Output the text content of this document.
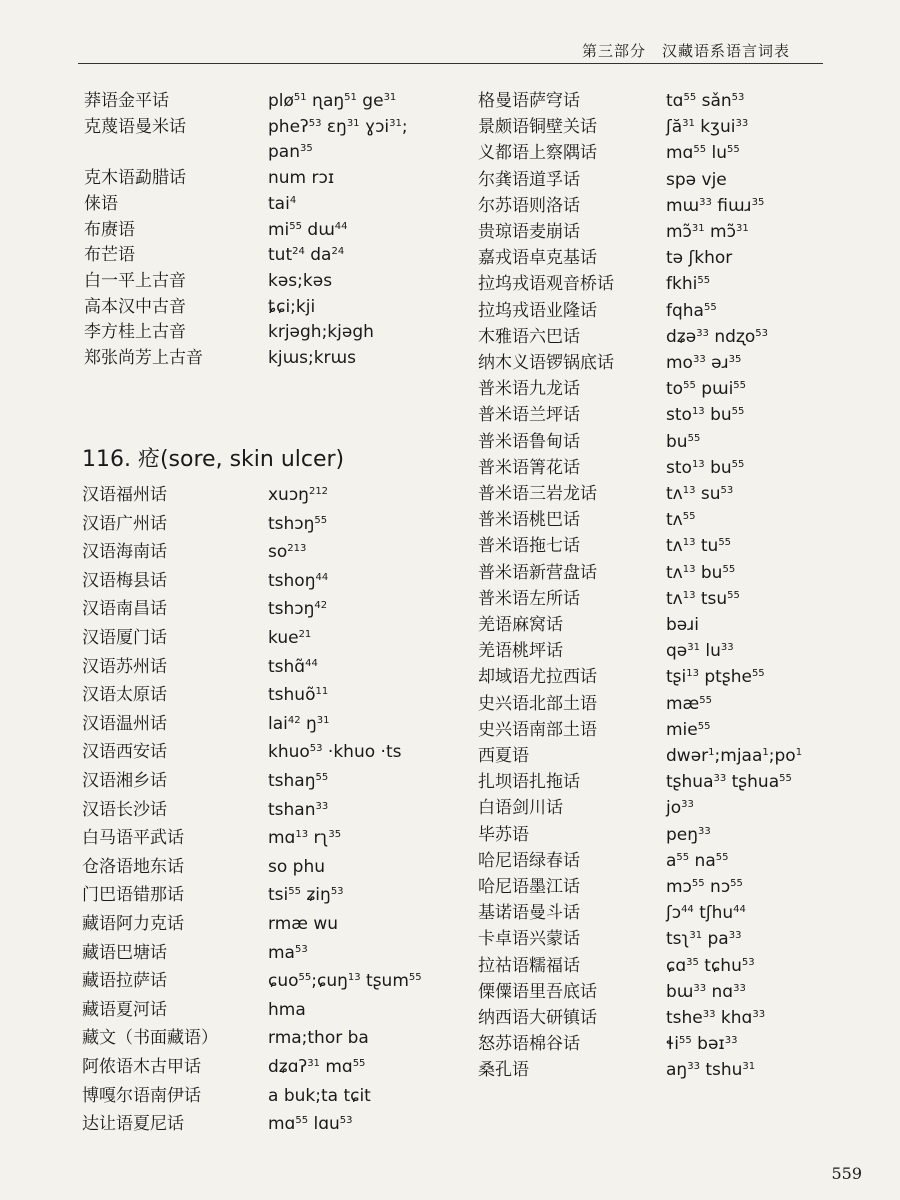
第三部分　汉藏语系语言词表
莽语金平话	plø$^{51}$ ɳaŋ$^{51}$ $ge^{31}$
克蔑语曼米话	pheʔ$^{53}$ ɛŋ$^{31}$ ɣɔi$^{31}$;
pan$^{35}$
克木语勐腊话	num rɔɪ
俫语	tai$^4$
布赓语	$mi^{55}$ dɯ$^{44}$
布芒语	tut$^{24}$ $da^{24}$
白一平上古音	kəs;kəs
高本汉中古音	ȶɕi;kji
李方桂上古音	krjəgh;kjəgh
郑张尚芳上古音	kjɯs;krɯs
116. 疮(sore, skin ulcer)
汉语福州话	xuɔŋ$^{212}$
汉语广州话	tshɔŋ$^{55}$
汉语海南话	$so^{213}$
汉语梅县话	tshoŋ$^{44}$
汉语南昌话	tshɔŋ$^{42}$
汉语厦门话	kue$^{21}$
汉语苏州话	tshɑ̃$^{44}$
汉语太原话	tshuõ$^{11}$
汉语温州话	lai$^{42}$ $ŋ^{31}$
汉语西安话	khuo$^{53}$ ·khuo ·ts
汉语湘乡话	tshaŋ$^{55}$
汉语长沙话	tshan$^{33}$
白马语平武话	mɑ$^{13}$ rʅ$^{35}$
仓洛语地东话	so phu
门巴语错那话	tsi$^{55}$ ʑiŋ$^{53}$
藏语阿力克话	rmæ wu
藏语巴塘话	$ma^{53}$
藏语拉萨话	ɕuo$^{55}$;ɕuŋ$^{13}$ tʂum$^{55}$
藏语夏河话	hma
藏文（书面藏语）	rma;thor ba
阿侬语木古甲话	dʑɑʔ$^{31}$ mɑ$^{55}$
博嘎尔语南伊话	a buk;ta tɕit
达让语夏尼话	mɑ$^{55}$ lɑu$^{53}$
格曼语萨穹话	tɑ$^{55}$ sǎn$^{53}$
景颇语铜壁关话	ʃă$^{31}$ kʒui$^{33}$
义都语上察隅话	mɑ$^{55}$ $lu^{55}$
尔龚语道孚话	spə vje
尔苏语则洛话	mɯ$^{33}$ fiɯɹ$^{35}$
贵琼语麦崩话	mɔ̃$^{31}$ mɔ̃$^{31}$
嘉戎语卓克基话	tə ʃkhor
拉坞戎语观音桥话	fkhi$^{55}$
拉坞戎语业隆话	fqha$^{55}$
木雅语六巴话	dʑə$^{33}$ ndʐo$^{53}$
纳木义语锣锅底话	$mo^{33}$ əɹ$^{35}$
普米语九龙话	$to^{55}$ pɯi$^{55}$
普米语兰坪话	sto$^{13}$ $bu^{55}$
普米语鲁甸话	$bu^{55}$
普米语箐花话	sto$^{13}$ $bu^{55}$
普米语三岩龙话	tʌ$^{13}$ $su^{53}$
普米语桃巴话	tʌ$^{55}$
普米语拖七话	tʌ$^{13}$ $tu^{55}$
普米语新营盘话	tʌ$^{13}$ $bu^{55}$
普米语左所话	tʌ$^{13}$ tsu$^{55}$
羌语麻窝话	bəɹi
羌语桃坪话	qə$^{31}$ $lu^{33}$
却域语尤拉西话	tʂi$^{13}$ ptʂhe$^{55}$
史兴语北部土语	$mæ^{55}$
史兴语南部土语	mie$^{55}$
西夏语	$dwər^1;mjaa^1;po^1$
扎坝语扎拖话	tʂhua$^{33}$ tʂhua$^{55}$
白语剑川话	$jo^{33}$
毕苏语	peŋ$^{33}$
哈尼语绿春话	$a^{55}$ $na^{55}$
哈尼语墨江话	mɔ$^{55}$ nɔ$^{55}$
基诺语曼斗话	ʃɔ$^{44}$ tʃhu$^{44}$
卡卓语兴蒙话	tsʅ$^{31}$ $pa^{33}$
拉祜语糯福话	ɕɑ$^{35}$ tɕhu$^{53}$
傈僳语里吾底话	bɯ$^{33}$ nɑ$^{33}$
纳西语大研镇话	tshe$^{33}$ khɑ$^{33}$
怒苏语棉谷话	ɬi$^{55}$ bəɪ$^{33}$
桑孔语	$aŋ^{33}$ tshu$^{31}$
559
